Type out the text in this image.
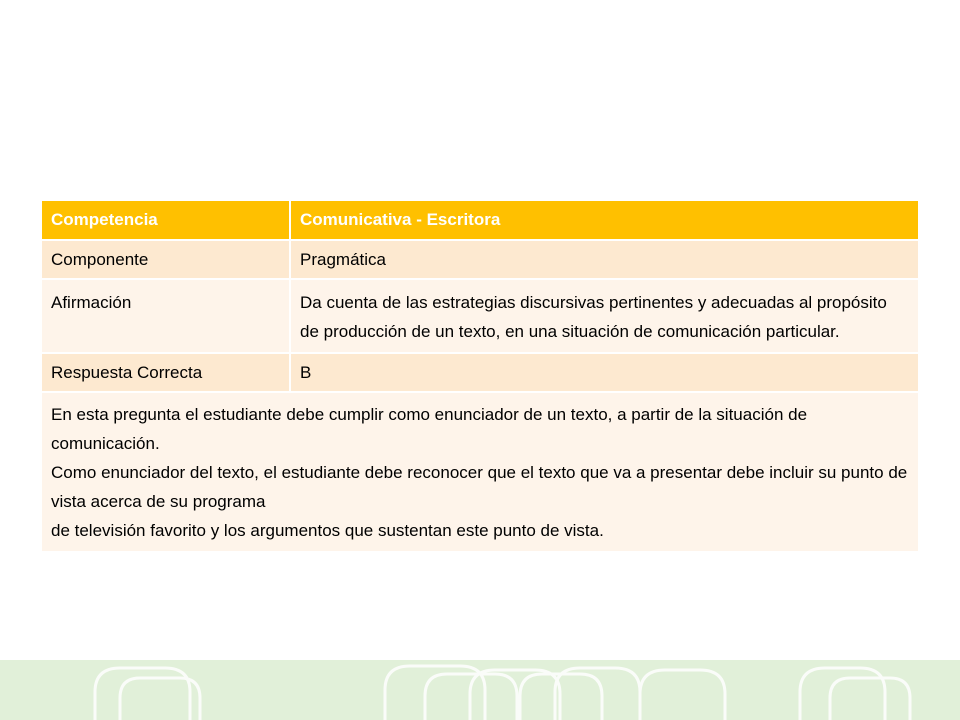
Competencia	Comunicativa - Escritora
Componente	Pragmática
Afirmación	Da cuenta de las estrategias discursivas pertinentes y adecuadas al propósito de producción de un texto, en una situación de comunicación particular.
Respuesta Correcta	B

En esta pregunta el estudiante debe cumplir como enunciador de un texto, a partir de la situación de comunicación.
Como enunciador del texto, el estudiante debe reconocer que el texto que va a presentar debe incluir su punto de vista acerca de su programa
de televisión favorito y los argumentos que sustentan este punto de vista.	
